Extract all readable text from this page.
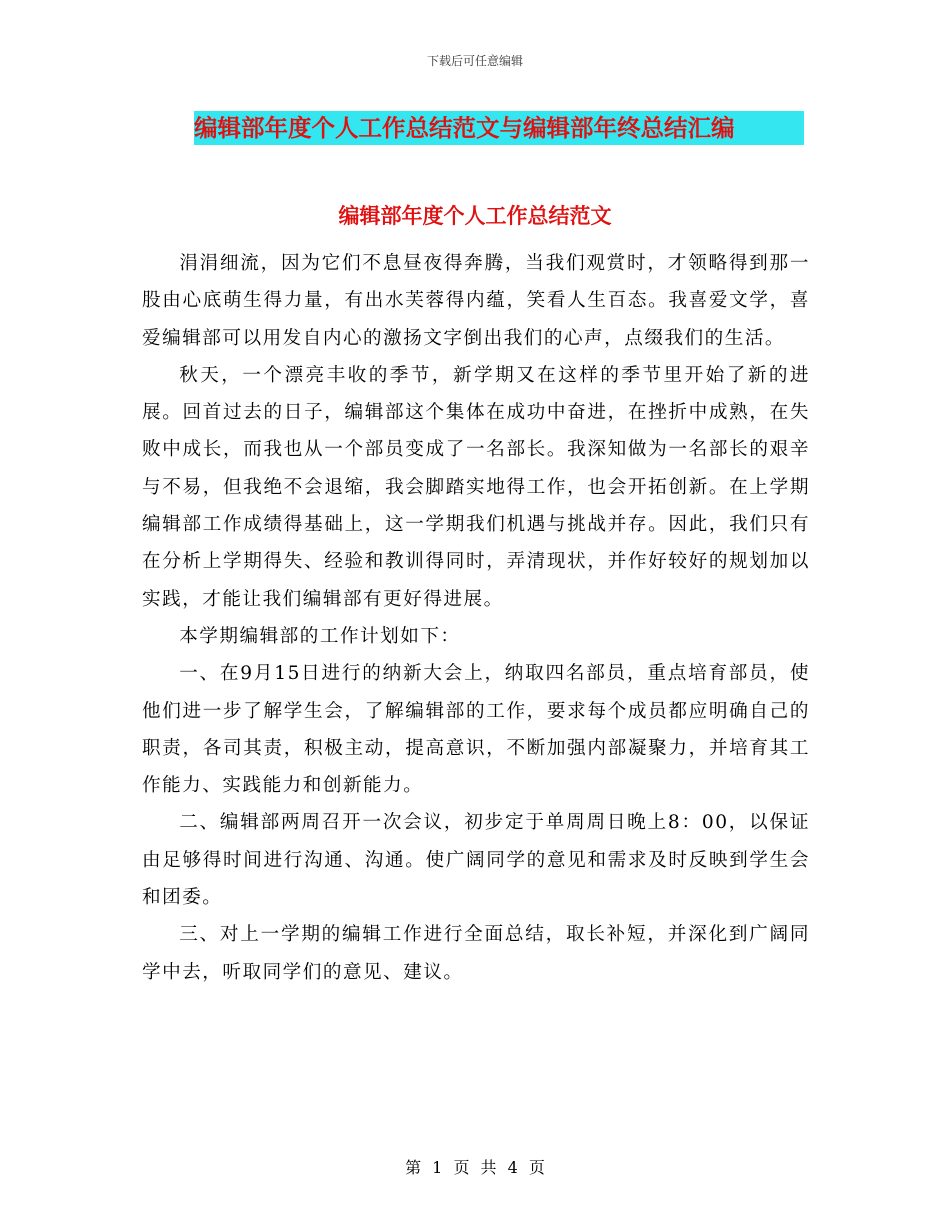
下载后可任意编辑
编辑部年度个人工作总结范文与编辑部年终总结汇编
编辑部年度个人工作总结范文

涓涓细流，因为它们不息昼夜得奔腾，当我们观赏时，才领略得到那一股由心底萌生得力量，有出水芙蓉得内蕴，笑看人生百态。我喜爱文学，喜爱编辑部可以用发自内心的激扬文字倒出我们的心声，点缀我们的生活。

秋天，一个漂亮丰收的季节，新学期又在这样的季节里开始了新的进展。回首过去的日子，编辑部这个集体在成功中奋进，在挫折中成熟，在失败中成长，而我也从一个部员变成了一名部长。我深知做为一名部长的艰辛与不易，但我绝不会退缩，我会脚踏实地得工作，也会开拓创新。在上学期编辑部工作成绩得基础上，这一学期我们机遇与挑战并存。因此，我们只有在分析上学期得失、经验和教训得同时，弄清现状，并作好较好的规划加以实践，才能让我们编辑部有更好得进展。

本学期编辑部的工作计划如下：

一、在9月15日进行的纳新大会上，纳取四名部员，重点培育部员，使他们进一步了解学生会，了解编辑部的工作，要求每个成员都应明确自己的职责，各司其责，积极主动，提高意识，不断加强内部凝聚力，并培育其工作能力、实践能力和创新能力。

二、编辑部两周召开一次会议，初步定于单周周日晚上8：00，以保证由足够得时间进行沟通、沟通。使广阔同学的意见和需求及时反映到学生会和团委。

三、对上一学期的编辑工作进行全面总结，取长补短，并深化到广阔同学中去，听取同学们的意见、建议。

第 1 页 共 4 页
